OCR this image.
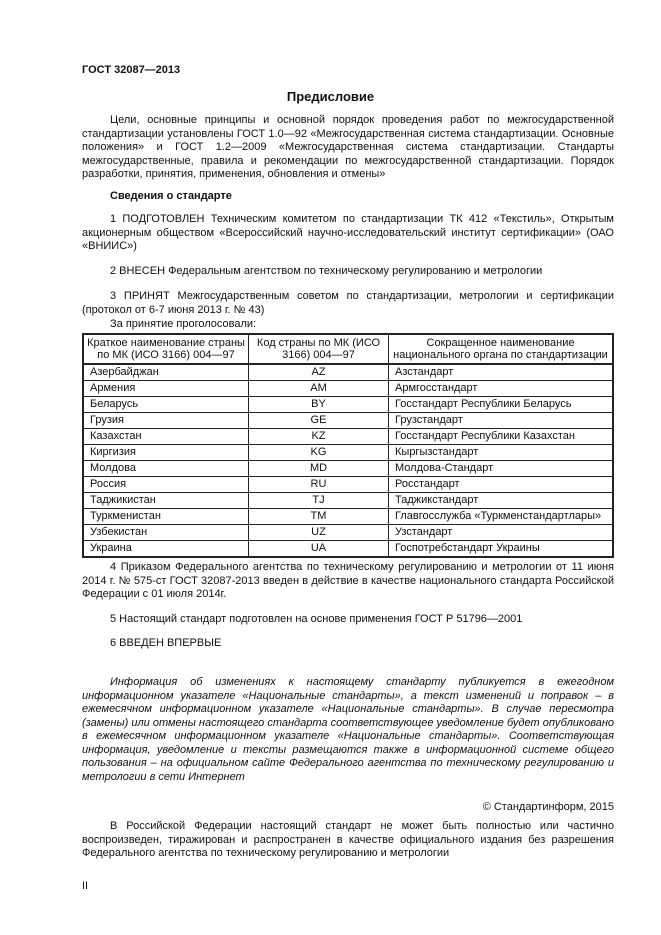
ГОСТ 32087—2013
Предисловие
Цели, основные принципы и основной порядок проведения работ по межгосударственной стандартизации установлены ГОСТ 1.0—92 «Межгосударственная система стандартизации. Основные положения» и ГОСТ 1.2—2009 «Межгосударственная система стандартизации. Стандарты межгосударственные, правила и рекомендации по межгосударственной стандартизации. Порядок разработки, принятия, применения, обновления и отмены»
Сведения о стандарте
1 ПОДГОТОВЛЕН Техническим комитетом по стандартизации ТК 412 «Текстиль», Открытым акционерным обществом «Всероссийский научно-исследовательский институт сертификации» (ОАО «ВНИИС»)
2 ВНЕСЕН Федеральным агентством по техническому регулированию и метрологии
3 ПРИНЯТ Межгосударственным советом по стандартизации, метрологии и сертификации (протокол от 6-7 июня 2013 г. № 43)
За принятие проголосовали:
Краткое наименование страны по МК (ИСО 3166) 004—97	Код страны по МК (ИСО 3166) 004—97	Сокращенное наименование национального органа по стандартизации
Азербайджан	AZ	Азстандарт
Армения	AM	Армгосстандарт
Беларусь	BY	Госстандарт Республики Беларусь
Грузия	GE	Грузстандарт
Казахстан	KZ	Госстандарт Республики Казахстан
Киргизия	KG	Кыргызстандарт
Молдова	MD	Молдова-Стандарт
Россия	RU	Росстандарт
Таджикистан	TJ	Таджикстандарт
Туркменистан	TM	Главгосслужба «Туркменстандартлары»
Узбекистан	UZ	Узстандарт
Украина	UA	Госпотребстандарт Украины
4 Приказом Федерального агентства по техническому регулированию и метрологии от 11 июня 2014 г. № 575-ст ГОСТ 32087-2013 введен в действие в качестве национального стандарта Российской Федерации с 01 июля 2014г.
5 Настоящий стандарт подготовлен на основе применения ГОСТ Р 51796—2001
6 ВВЕДЕН ВПЕРВЫЕ
Информация об изменениях к настоящему стандарту публикуется в ежегодном информационном указателе «Национальные стандарты», а текст изменений и поправок – в ежемесячном информационном указателе «Национальные стандарты». В случае пересмотра (замены) или отмены настоящего стандарта соответствующее уведомление будет опубликовано в ежемесячном информационном указателе «Национальные стандарты». Соответствующая информация, уведомление и тексты размещаются также в информационной системе общего пользования – на официальном сайте Федерального агентства по техническому регулированию и метрологии в сети Интернет
© Стандартинформ, 2015
В Российской Федерации настоящий стандарт не может быть полностью или частично воспроизведен, тиражирован и распространен в качестве официального издания без разрешения Федерального агентства по техническому регулированию и метрологии
II
